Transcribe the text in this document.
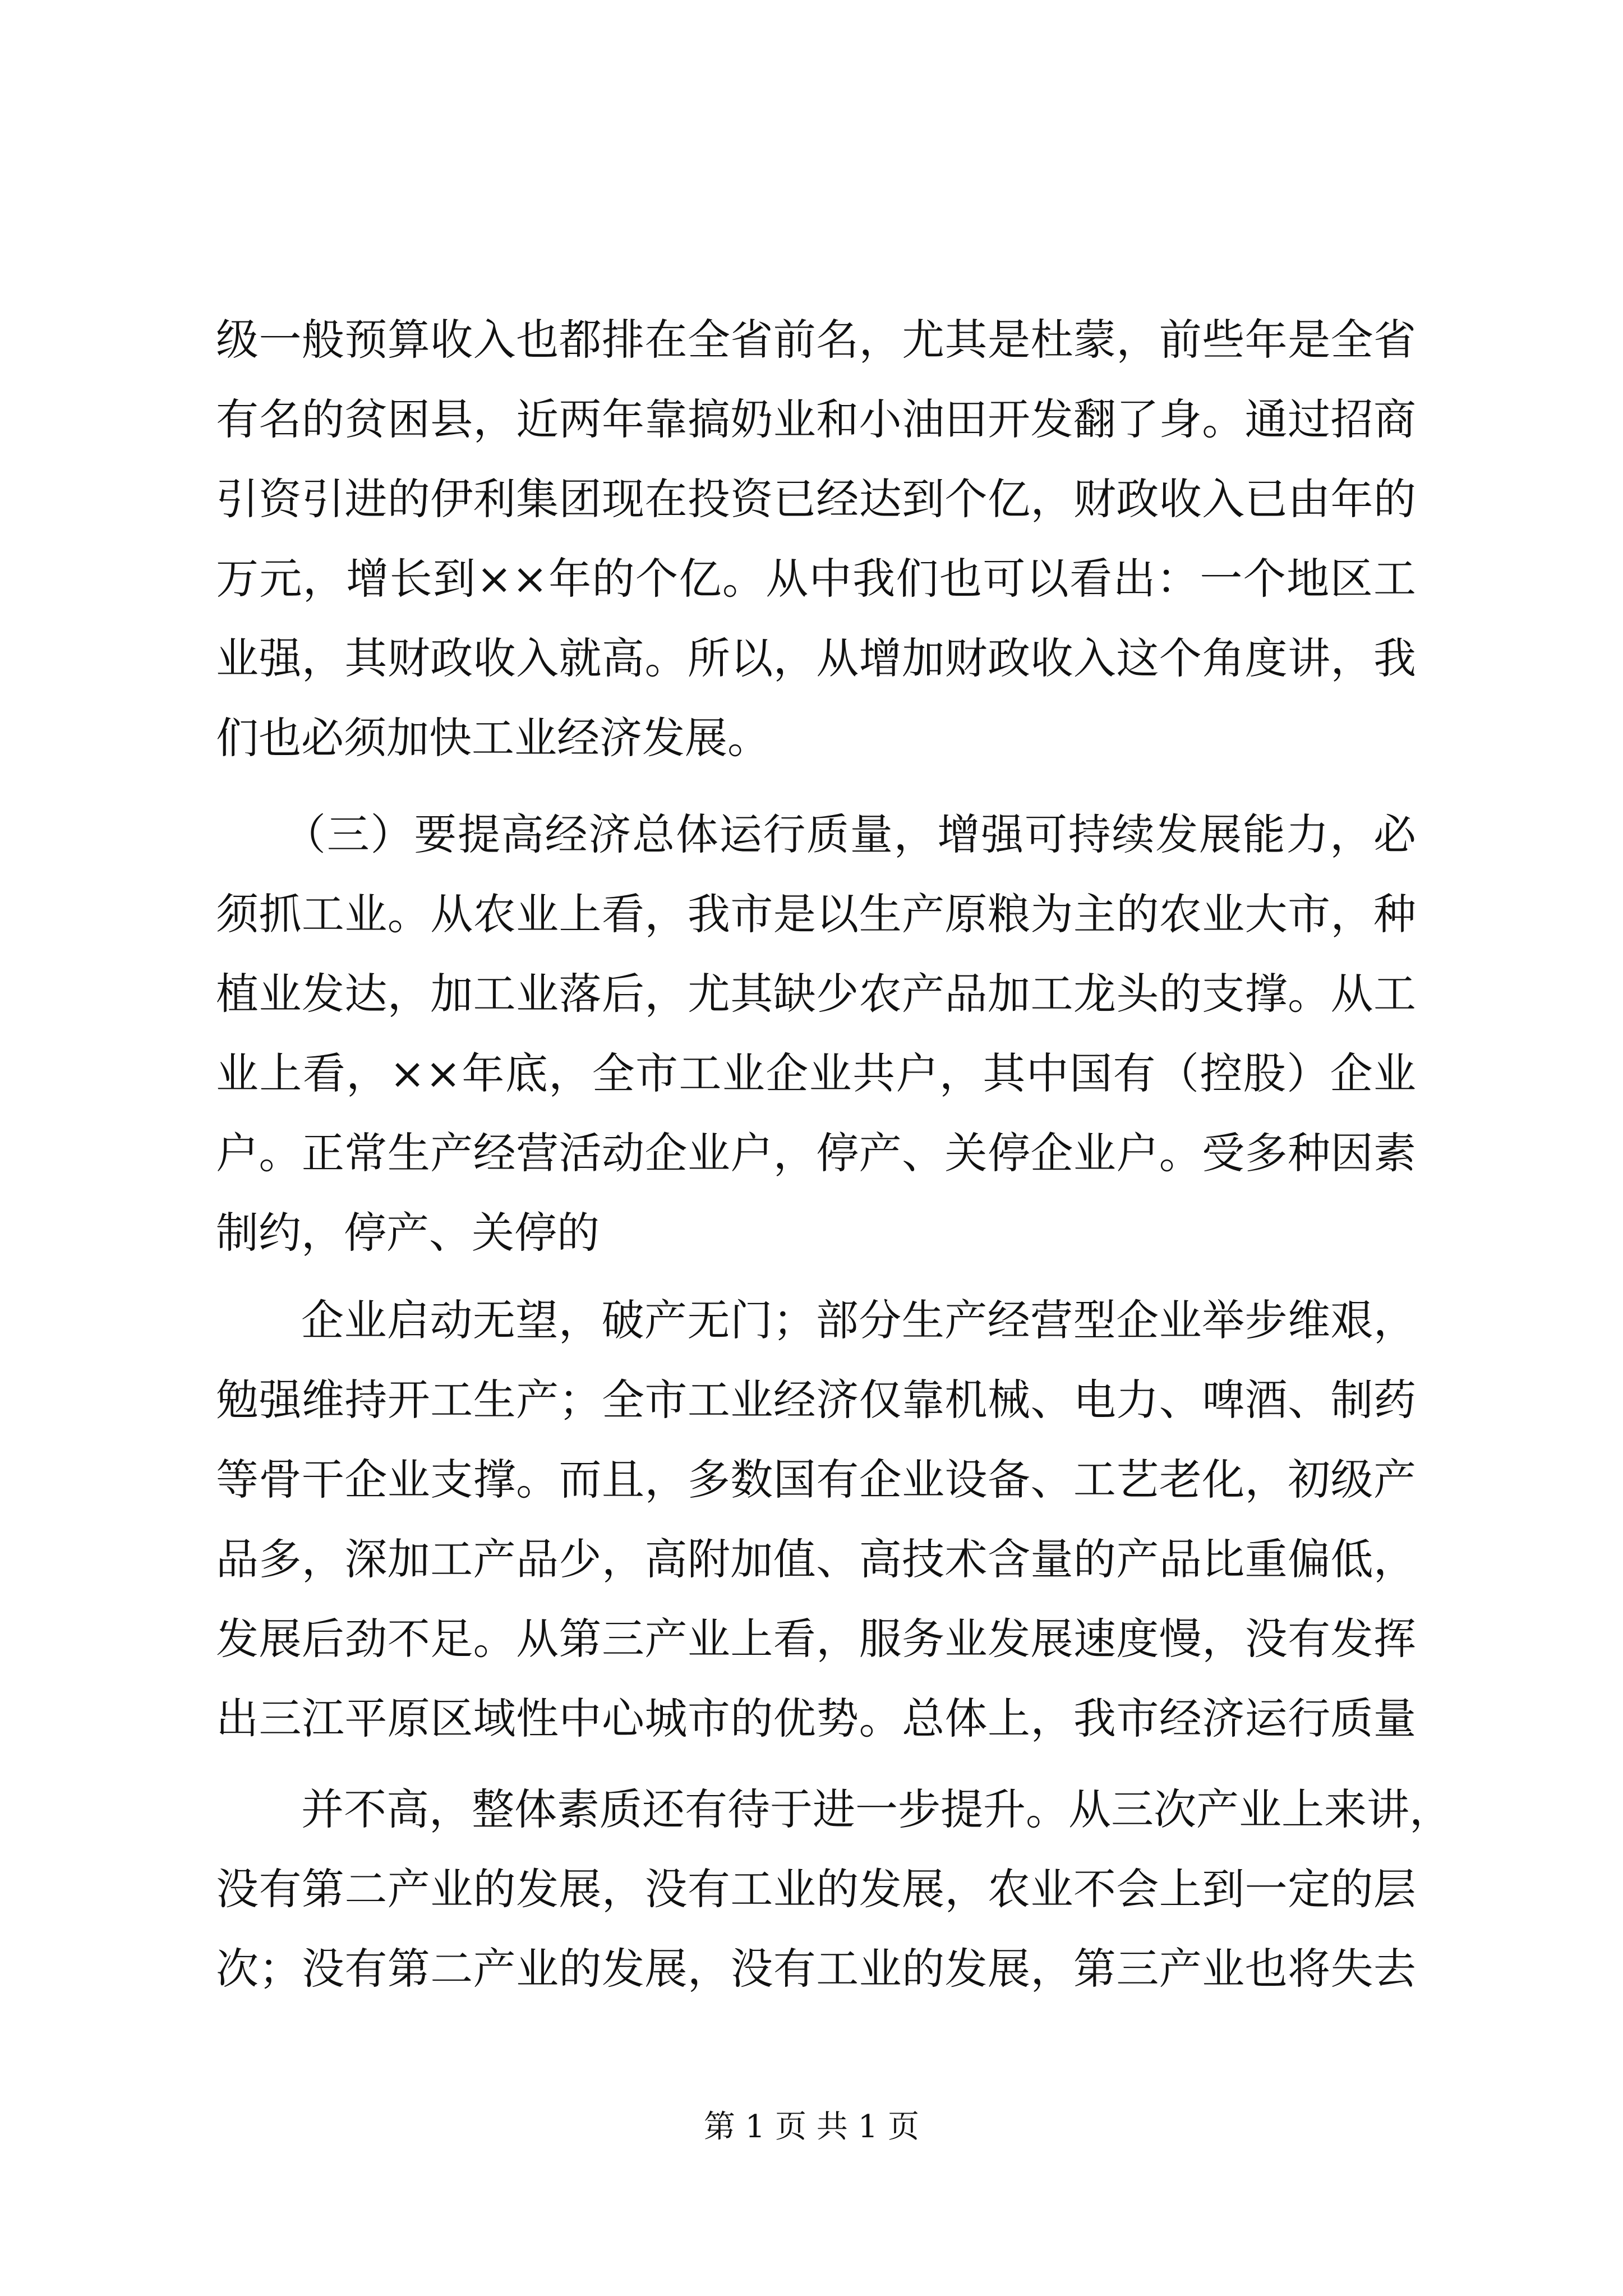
级一般预算收入也都排在全省前名，尤其是杜蒙，前些年是全省
有名的贫困县，近两年靠搞奶业和小油田开发翻了身。通过招商
引资引进的伊利集团现在投资已经达到个亿，财政收入已由年的
万元，增长到××年的个亿。从中我们也可以看出：一个地区工
业强，其财政收入就高。所以，从增加财政收入这个角度讲，我
们也必须加快工业经济发展。
（三）要提高经济总体运行质量，增强可持续发展能力，必
须抓工业。从农业上看，我市是以生产原粮为主的农业大市，种
植业发达，加工业落后，尤其缺少农产品加工龙头的支撑。从工
业上看，××年底，全市工业企业共户，其中国有（控股）企业
户。正常生产经营活动企业户，停产、关停企业户。受多种因素
制约，停产、关停的
企业启动无望，破产无门；部分生产经营型企业举步维艰，
勉强维持开工生产；全市工业经济仅靠机械、电力、啤酒、制药
等骨干企业支撑。而且，多数国有企业设备、工艺老化，初级产
品多，深加工产品少，高附加值、高技术含量的产品比重偏低，
发展后劲不足。从第三产业上看，服务业发展速度慢，没有发挥
出三江平原区域性中心城市的优势。总体上，我市经济运行质量
并不高，整体素质还有待于进一步提升。从三次产业上来讲，
没有第二产业的发展，没有工业的发展，农业不会上到一定的层
次；没有第二产业的发展，没有工业的发展，第三产业也将失去
第 1 页 共 1 页
